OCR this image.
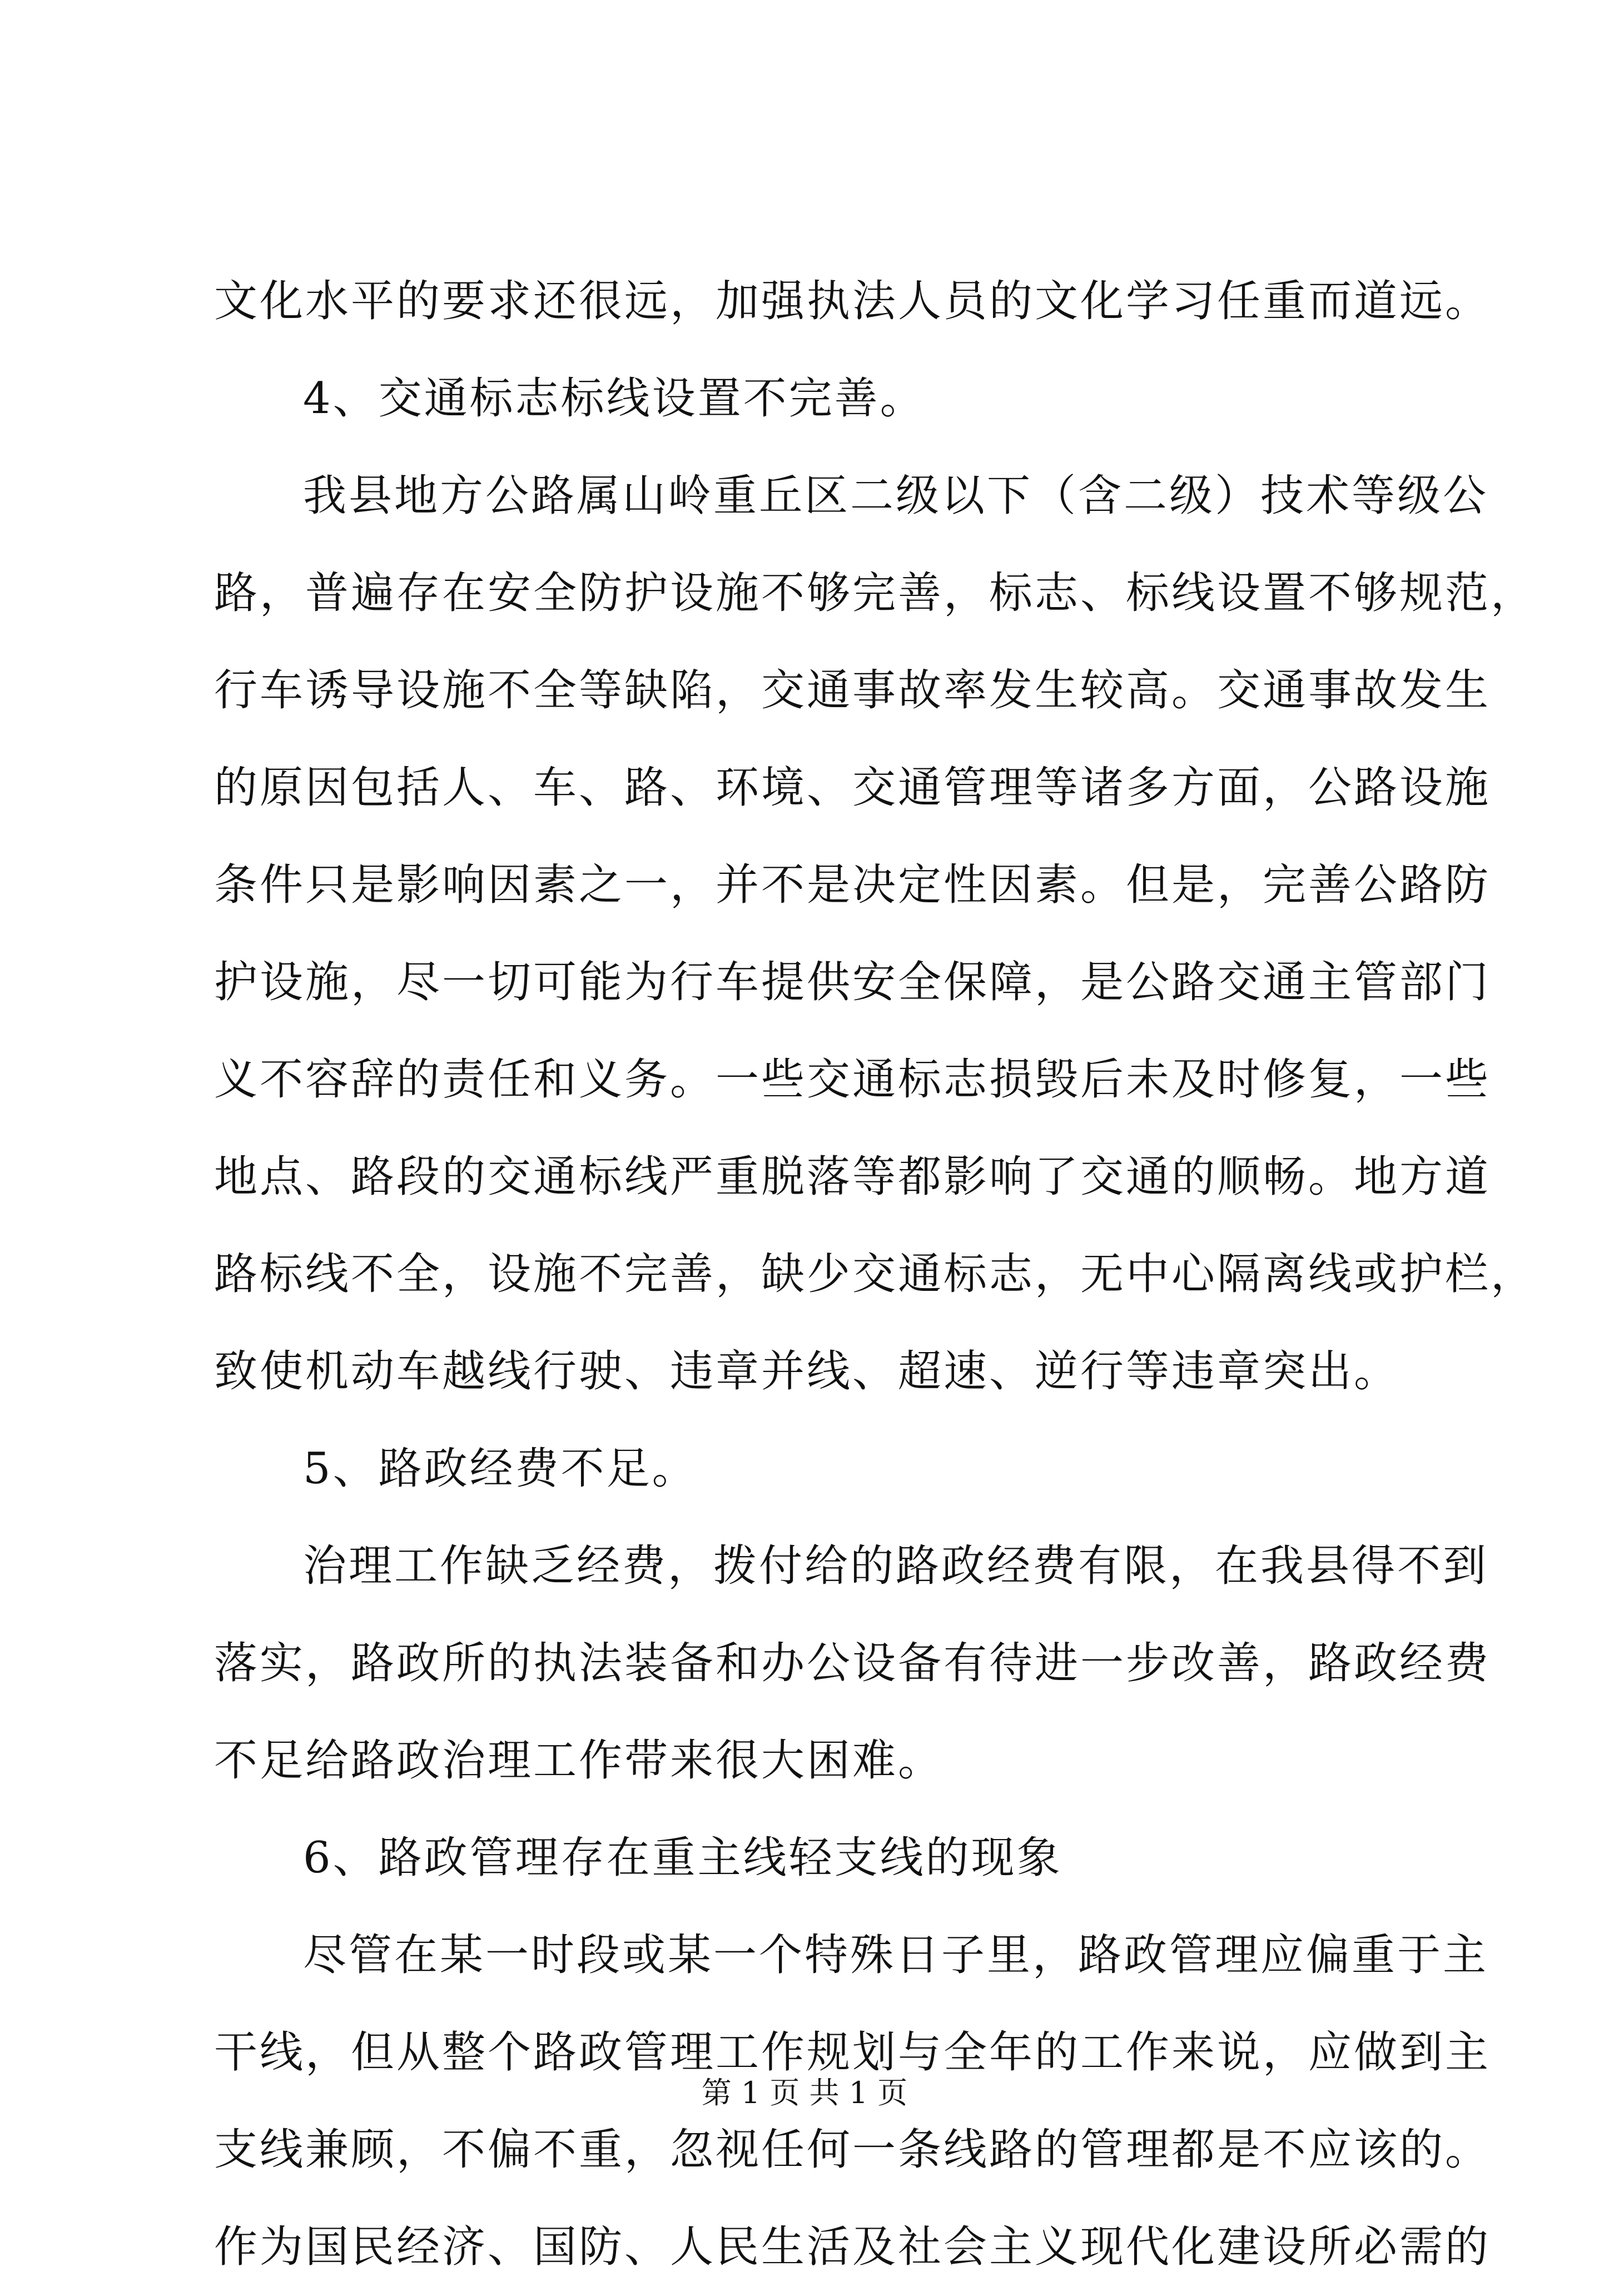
文化水平的要求还很远，加强执法人员的文化学习任重而道远。
4、交通标志标线设置不完善。
我县地方公路属山岭重丘区二级以下（含二级）技术等级公
路，普遍存在安全防护设施不够完善，标志、标线设置不够规范，
行车诱导设施不全等缺陷，交通事故率发生较高。交通事故发生
的原因包括人、车、路、环境、交通管理等诸多方面，公路设施
条件只是影响因素之一，并不是决定性因素。但是，完善公路防
护设施，尽一切可能为行车提供安全保障，是公路交通主管部门
义不容辞的责任和义务。一些交通标志损毁后未及时修复，一些
地点、路段的交通标线严重脱落等都影响了交通的顺畅。地方道
路标线不全，设施不完善，缺少交通标志，无中心隔离线或护栏，
致使机动车越线行驶、违章并线、超速、逆行等违章突出。
5、路政经费不足。
治理工作缺乏经费，拨付给的路政经费有限，在我县得不到
落实，路政所的执法装备和办公设备有待进一步改善，路政经费
不足给路政治理工作带来很大困难。
6、路政管理存在重主线轻支线的现象
尽管在某一时段或某一个特殊日子里，路政管理应偏重于主
干线，但从整个路政管理工作规划与全年的工作来说，应做到主
支线兼顾，不偏不重，忽视任何一条线路的管理都是不应该的。
作为国民经济、国防、人民生活及社会主义现代化建设所必需的
第 1 页 共 1 页
